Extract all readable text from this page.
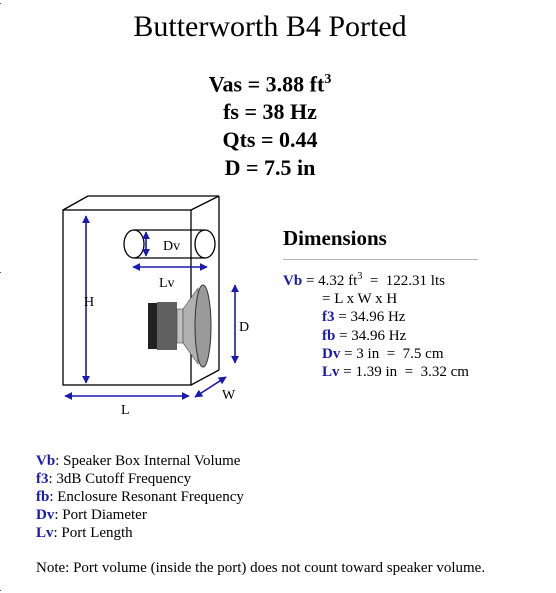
Butterworth B4 Ported
Vas = 3.88 $ft^3$
fs = 38 Hz
Qts = 0.44
D = 7.5 in
H
L
D
W
Dv
Lv
Dimensions
Vb = 4.32 $ft^3 = 122.31$ lts
= L x W x H
f3 = 34.96 Hz
fb = 34.96 Hz
Dv = 3 in  =  7.5 cm
Lv = 1.39 in  =  3.32 cm
Vb: Speaker Box Internal Volume
f3: 3dB Cutoff Frequency
fb: Enclosure Resonant Frequency
Dv: Port Diameter
Lv: Port Length
Note: Port volume (inside the port) does not count toward speaker volume.
